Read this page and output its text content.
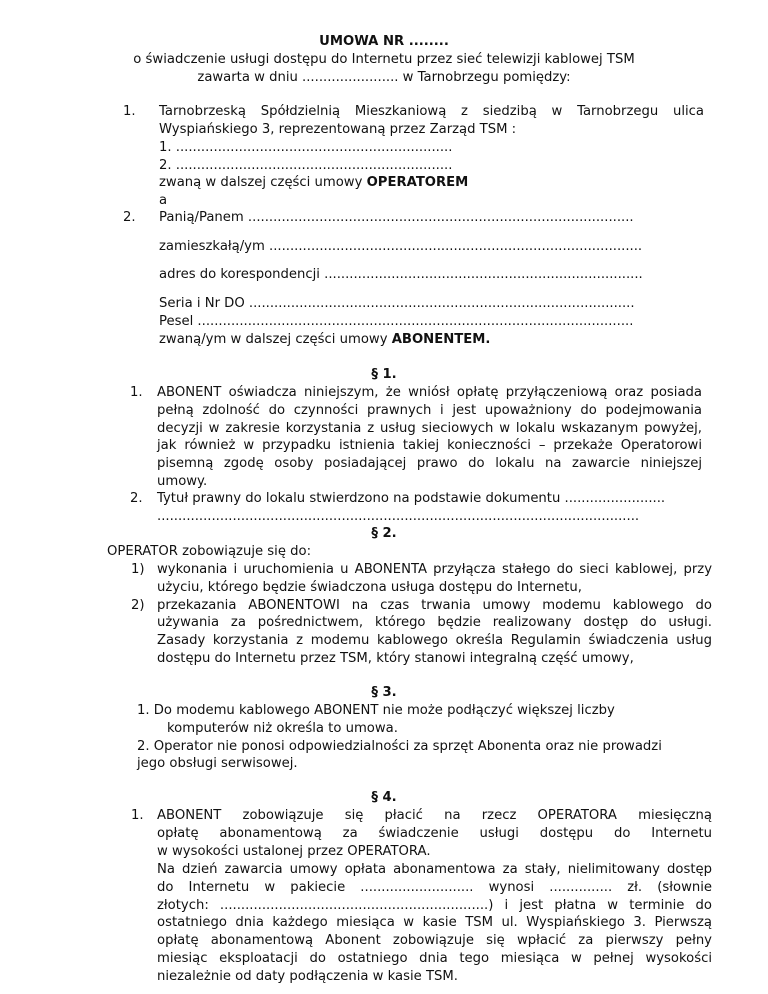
UMOWA NR ........
o świadczenie usługi dostępu do Internetu przez sieć telewizji kablowej TSM
zawarta w dniu ....................... w Tarnobrzegu pomiędzy:
1. Tarnobrzeską Spółdzielnią Mieszkaniową z siedzibą w Tarnobrzegu ulica
Wyspiańskiego 3, reprezentowaną przez Zarząd TSM :
1. ..................................................................
2. ..................................................................
zwaną w dalszej części umowy OPERATOREM
a
2. Panią/Panem ............................................................................................
zamieszkałą/ym .........................................................................................
adres do korespondencji ............................................................................
Seria i Nr DO ............................................................................................
Pesel ........................................................................................................
zwaną/ym w dalszej części umowy ABONENTEM.
§ 1.
1. ABONENT oświadcza niniejszym, że wniósł opłatę przyłączeniową oraz posiada
pełną zdolność do czynności prawnych i jest upoważniony do podejmowania
decyzji w zakresie korzystania z usług sieciowych w lokalu wskazanym powyżej,
jak również w przypadku istnienia takiej konieczności – przekaże Operatorowi
pisemną zgodę osoby posiadającej prawo do lokalu na zawarcie niniejszej
umowy.
2. Tytuł prawny do lokalu stwierdzono na podstawie dokumentu ........................
...................................................................................................................
§ 2.
OPERATOR zobowiązuje się do:
1) wykonania i uruchomienia u ABONENTA przyłącza stałego do sieci kablowej, przy
użyciu, którego będzie świadczona usługa dostępu do Internetu,
2) przekazania ABONENTOWI na czas trwania umowy modemu kablowego do
używania za pośrednictwem, którego będzie realizowany dostęp do usługi.
Zasady korzystania z modemu kablowego określa Regulamin świadczenia usług
dostępu do Internetu przez TSM, który stanowi integralną część umowy,
§ 3.
1. Do modemu kablowego ABONENT nie może podłączyć większej liczby
komputerów niż określa to umowa.
2. Operator nie ponosi odpowiedzialności za sprzęt Abonenta oraz nie prowadzi
jego obsługi serwisowej.
§ 4.
1. ABONENT zobowiązuje się płacić na rzecz OPERATORA miesięczną
opłatę abonamentową za świadczenie usługi dostępu do Internetu
w wysokości ustalonej przez OPERATORA.
Na dzień zawarcia umowy opłata abonamentowa za stały, nielimitowany dostęp
do Internetu w pakiecie ........................... wynosi ............... zł. (słownie
złotych: ................................................................) i jest płatna w terminie do
ostatniego dnia każdego miesiąca w kasie TSM ul. Wyspiańskiego 3. Pierwszą
opłatę abonamentową Abonent zobowiązuje się wpłacić za pierwszy pełny
miesiąc eksploatacji do ostatniego dnia tego miesiąca w pełnej wysokości
niezależnie od daty podłączenia w kasie TSM.
